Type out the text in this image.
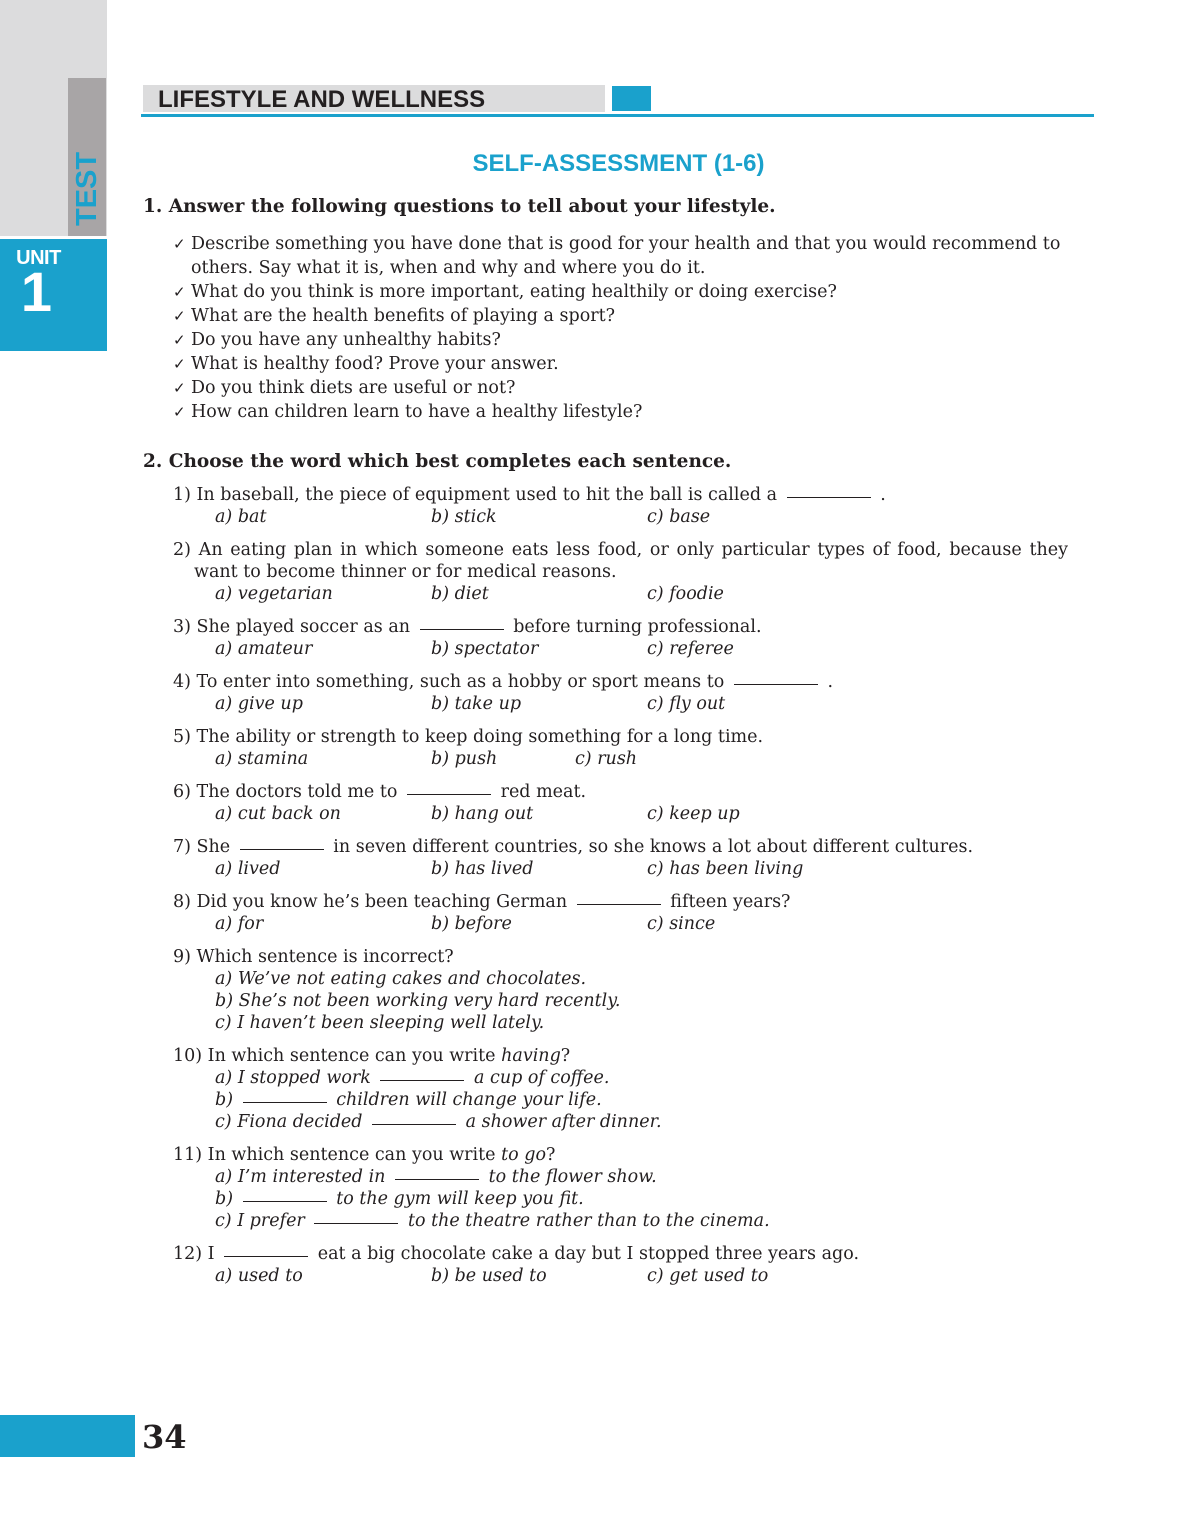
TEST
UNIT
1
LIFESTYLE AND WELLNESS
SELF-ASSESSMENT (1-6)
1. Answer the following questions to tell about your lifestyle.
✓ Describe something you have done that is good for your health and that you would recommend to others. Say what it is, when and why and where you do it.
✓ What do you think is more important, eating healthily or doing exercise?
✓ What are the health benefits of playing a sport?
✓ Do you have any unhealthy habits?
✓ What is healthy food? Prove your answer.
✓ Do you think diets are useful or not?
✓ How can children learn to have a healthy lifestyle?
2. Choose the word which best completes each sentence.
1) In baseball, the piece of equipment used to hit the ball is called a	.
a) bat	b) stick	c) base
2) An eating plan in which someone eats less food, or only particular types of food, because they want to become thinner or for medical reasons.
a) vegetarian	b) diet	c) foodie
3) She played soccer as an	before turning professional.
a) amateur	b) spectator	c) referee
4) To enter into something, such as a hobby or sport means to	.
a) give up	b) take up	c) fly out
5) The ability or strength to keep doing something for a long time.
a) stamina	b) push	c) rush
6) The doctors told me to	red meat.
a) cut back on	b) hang out	c) keep up
7) She	in seven different countries, so she knows a lot about different cultures.
a) lived	b) has lived	c) has been living
8) Did you know he’s been teaching German	fifteen years?
a) for	b) before	c) since
9) Which sentence is incorrect?
a) We’ve not eating cakes and chocolates.
b) She’s not been working very hard recently.
c) I haven’t been sleeping well lately.
10) In which sentence can you write having?
a) I stopped work	a cup of coffee.
b)	children will change your life.
c) Fiona decided	a shower after dinner.
11) In which sentence can you write to go?
a) I’m interested in	to the flower show.
b)	to the gym will keep you fit.
c) I prefer	to the theatre rather than to the cinema.
12) I	eat a big chocolate cake a day but I stopped three years ago.
a) used to	b) be used to	c) get used to
34
